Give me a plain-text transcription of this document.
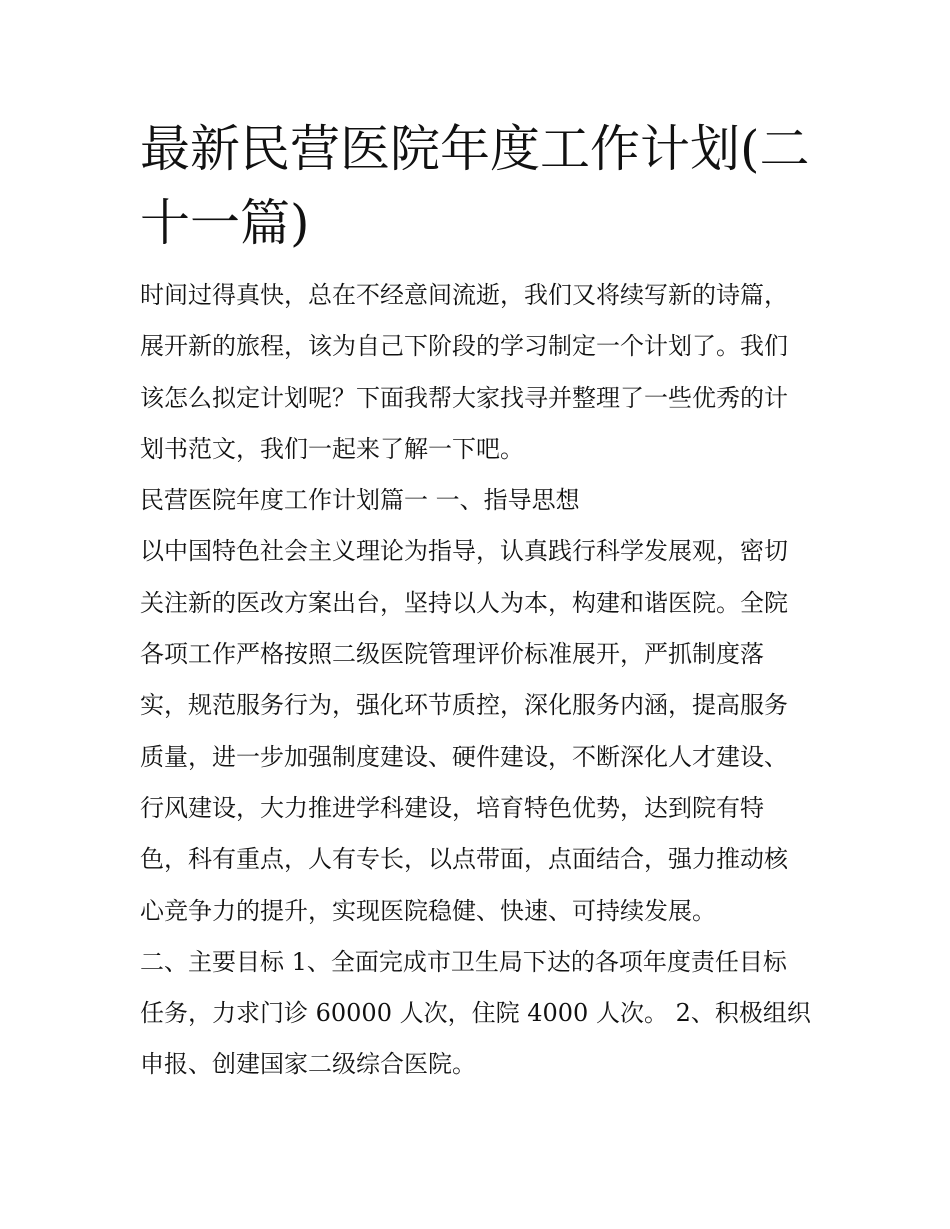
最新民营医院年度工作计划(二
十一篇)

时间过得真快，总在不经意间流逝，我们又将续写新的诗篇，

展开新的旅程，该为自己下阶段的学习制定一个计划了。我们

该怎么拟定计划呢？下面我帮大家找寻并整理了一些优秀的计

划书范文，我们一起来了解一下吧。

民营医院年度工作计划篇一 一、指导思想

以中国特色社会主义理论为指导，认真践行科学发展观，密切

关注新的医改方案出台，坚持以人为本，构建和谐医院。全院

各项工作严格按照二级医院管理评价标准展开，严抓制度落

实，规范服务行为，强化环节质控，深化服务内涵，提高服务

质量，进一步加强制度建设、硬件建设，不断深化人才建设、

行风建设，大力推进学科建设，培育特色优势，达到院有特

色，科有重点，人有专长，以点带面，点面结合，强力推动核

心竞争力的提升，实现医院稳健、快速、可持续发展。

二、主要目标 1、全面完成市卫生局下达的各项年度责任目标

任务，力求门诊 60000 人次，住院 4000 人次。 2、积极组织

申报、创建国家二级综合医院。
